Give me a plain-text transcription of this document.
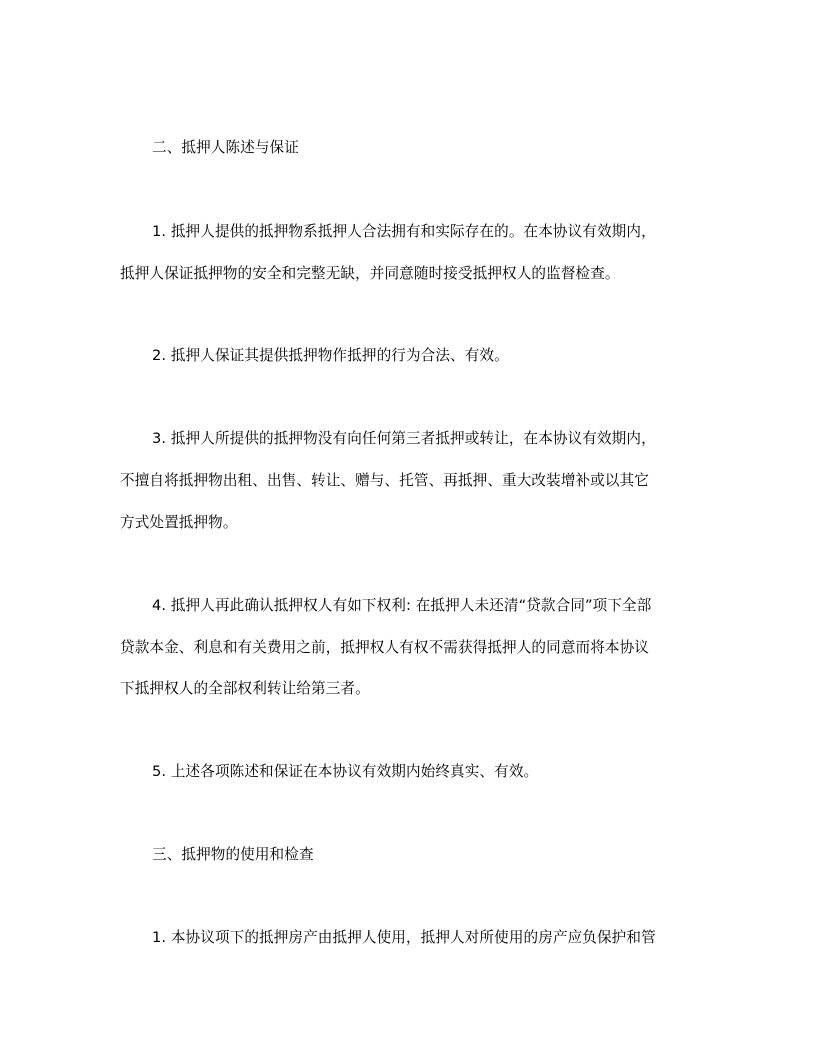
二、抵押人陈述与保证
1. 抵押人提供的抵押物系抵押人合法拥有和实际存在的。在本协议有效期内，
抵押人保证抵押物的安全和完整无缺，并同意随时接受抵押权人的监督检查。
2. 抵押人保证其提供抵押物作抵押的行为合法、有效。
3. 抵押人所提供的抵押物没有向任何第三者抵押或转让，在本协议有效期内，
不擅自将抵押物出租、出售、转让、赠与、托管、再抵押、重大改装增补或以其它
方式处置抵押物。
4. 抵押人再此确认抵押权人有如下权利: 在抵押人未还清“贷款合同”项下全部
贷款本金、利息和有关费用之前，抵押权人有权不需获得抵押人的同意而将本协议
下抵押权人的全部权利转让给第三者。
5. 上述各项陈述和保证在本协议有效期内始终真实、有效。
三、抵押物的使用和检查
1. 本协议项下的抵押房产由抵押人使用，抵押人对所使用的房产应负保护和管
